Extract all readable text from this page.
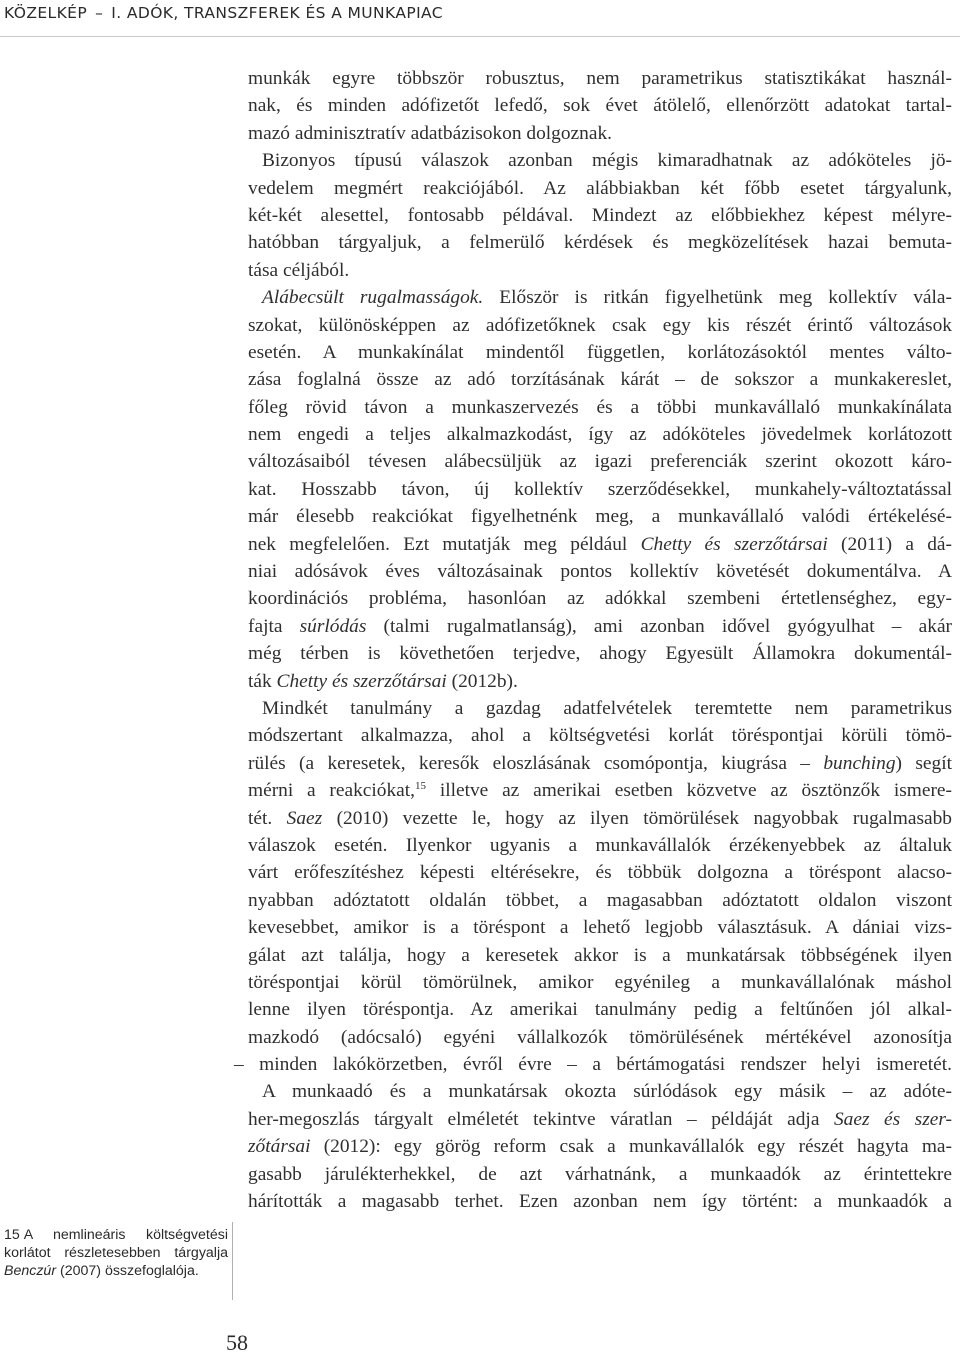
KÖZELKÉP – I. ADÓK, TRANSZFEREK ÉS A MUNKAPIAC
munkák egyre többször robusztus, nem parametrikus statisztikákat használ-
nak, és minden adófizetőt lefedő, sok évet átölelő, ellenőrzött adatokat tartal-
mazó adminisztratív adatbázisokon dolgoznak.
Bizonyos típusú válaszok azonban mégis kimaradhatnak az adóköteles jö-
vedelem megmért reakciójából. Az alábbiakban két főbb esetet tárgyalunk,
két-két alesettel, fontosabb példával. Mindezt az előbbiekhez képest mélyre-
hatóbban tárgyaljuk, a felmerülő kérdések és megközelítések hazai bemuta-
tása céljából.
Alábecsült rugalmasságok. Először is ritkán figyelhetünk meg kollektív vála-
szokat, különösképpen az adófizetőknek csak egy kis részét érintő változások
esetén. A munkakínálat mindentől független, korlátozásoktól mentes válto-
zása foglalná össze az adó torzításának kárát – de sokszor a munkakereslet,
főleg rövid távon a munkaszervezés és a többi munkavállaló munkakínálata
nem engedi a teljes alkalmazkodást, így az adóköteles jövedelmek korlátozott
változásaiból tévesen alábecsüljük az igazi preferenciák szerint okozott káro-
kat. Hosszabb távon, új kollektív szerződésekkel, munkahely-változtatással
már élesebb reakciókat figyelhetnénk meg, a munkavállaló valódi értékelésé-
nek megfelelően. Ezt mutatják meg például Chetty és szerzőtársai (2011) a dá-
niai adósávok éves változásainak pontos kollektív követését dokumentálva. A
koordinációs probléma, hasonlóan az adókkal szembeni értetlenséghez, egy-
fajta súrlódás (talmi rugalmatlanság), ami azonban idővel gyógyulhat – akár
még térben is követhetően terjedve, ahogy Egyesült Államokra dokumentál-
ták Chetty és szerzőtársai (2012b).
Mindkét tanulmány a gazdag adatfelvételek teremtette nem parametrikus
módszertant alkalmazza, ahol a költségvetési korlát töréspontjai körüli tömö-
rülés (a keresetek, keresők eloszlásának csomópontja, kiugrása – bunching) segít
mérni a reakciókat,$^{15}$ illetve az amerikai esetben közvetve az ösztönzők ismere-
tét. Saez (2010) vezette le, hogy az ilyen tömörülések nagyobbak rugalmasabb
válaszok esetén. Ilyenkor ugyanis a munkavállalók érzékenyebbek az általuk
várt erőfeszítéshez képesti eltérésekre, és többük dolgozna a töréspont alacso-
nyabban adóztatott oldalán többet, a magasabban adóztatott oldalon viszont
kevesebbet, amikor is a töréspont a lehető legjobb választásuk. A dániai vizs-
gálat azt találja, hogy a keresetek akkor is a munkatársak többségének ilyen
töréspontjai körül tömörülnek, amikor egyénileg a munkavállalónak máshol
lenne ilyen töréspontja. Az amerikai tanulmány pedig a feltűnően jól alkal-
mazkodó (adócsaló) egyéni vállalkozók tömörülésének mértékével azonosítja
– minden lakókörzetben, évről évre – a bértámogatási rendszer helyi ismeretét.
A munkaadó és a munkatársak okozta súrlódások egy másik – az adóte-
her-megoszlás tárgyalt elméletét tekintve váratlan – példáját adja Saez és szer-
zőtársai (2012): egy görög reform csak a munkavállalók egy részét hagyta ma-
gasabb járulékterhekkel, de azt várhatnánk, a munkaadók az érintettekre
hárították a magasabb terhet. Ezen azonban nem így történt: a munkaadók a
15 A nemlineáris költségvetési
korlátot részletesebben tárgyalja
Benczúr (2007) összefoglalója.
58
